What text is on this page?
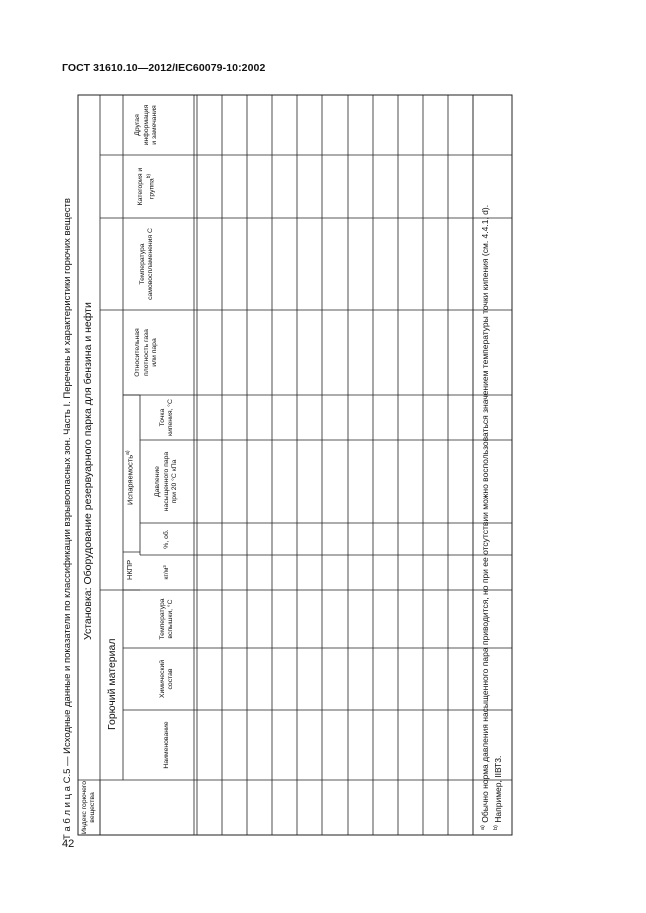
ГОСТ 31610.10—2012/IEC60079-10:2002
Т а б л и ц а С.5 — Исходные данные и показатели по классификации взрывоопасных зон. Часть I. Перечень и характеристики горючих веществ Установка: Оборудование резервуарного парка для бензина и нефти
Горючий материал
НКПР
Испаряемость$^{а)}$
Индекс горючего вещества
Наименование
Химический состав
Температура вспышки, °С
кг/м³
%, об.
Давление насыщенного пара при 20 °С кПа
Точка кипения, °С
Относительная плотность газа или пара
Температура самовоспламенения С
Категория и группа$^{b)}$
Другая информация и замечания
$^{а)}$ Обычно норма давления насыщенного пара приводится, но при ее отсутствии можно воспользоваться значением температуры точки кипения (см. 4.4.1, d).
$^{b)}$ Например, IIВТ3.
42
